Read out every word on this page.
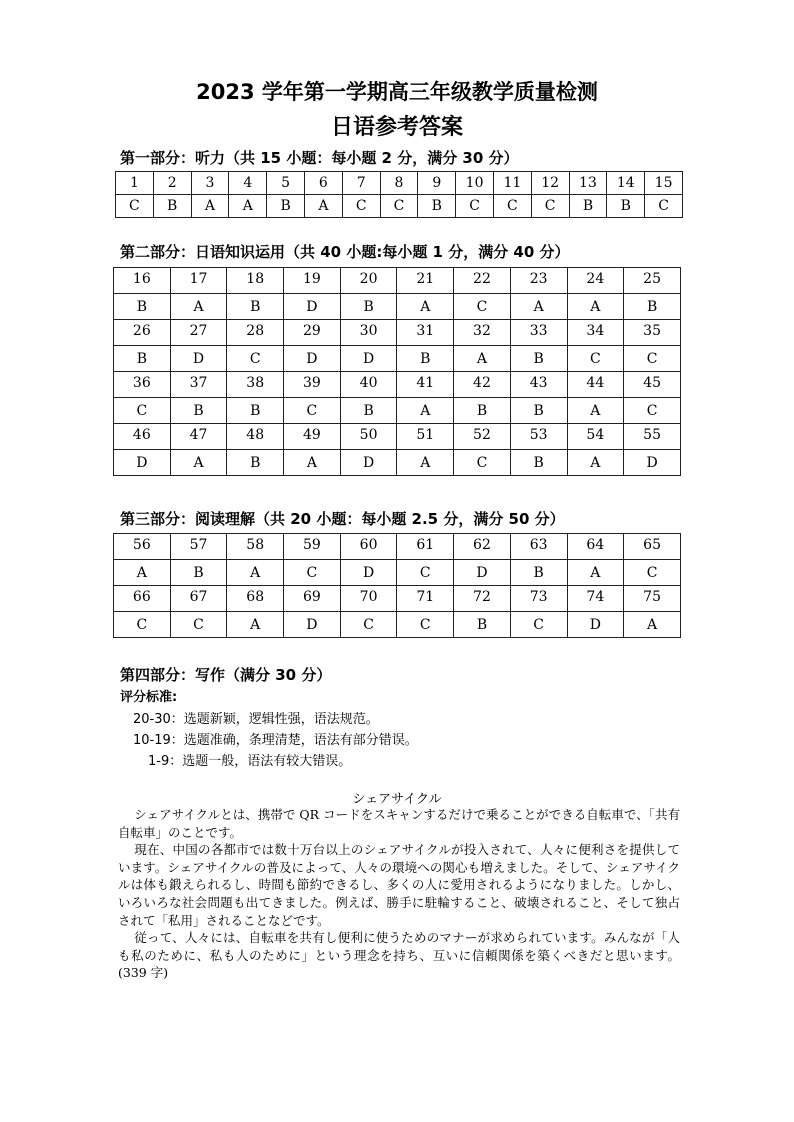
2023 学年第一学期高三年级教学质量检测
日语参考答案
第一部分：听力（共 15 小题：每小题 2 分，满分 30 分）
1	2	3	4	5	6	7	8	9	10	11	12	13	14	15
C	B	A	A	B	A	C	C	B	C	C	C	B	B	C
第二部分：日语知识运用（共 40 小题:每小题 1 分，满分 40 分）
16	17	18	19	20	21	22	23	24	25
B	A	B	D	B	A	C	A	A	B
26	27	28	29	30	31	32	33	34	35
B	D	C	D	D	B	A	B	C	C
36	37	38	39	40	41	42	43	44	45
C	B	B	C	B	A	B	B	A	C
46	47	48	49	50	51	52	53	54	55
D	A	B	A	D	A	C	B	A	D
第三部分：阅读理解（共 20 小题：每小题 2.5 分，满分 50 分）
56	57	58	59	60	61	62	63	64	65
A	B	A	C	D	C	D	B	A	C
66	67	68	69	70	71	72	73	74	75
C	C	A	D	C	C	B	C	D	A
第四部分：写作（满分 30 分）
评分标准:
20-30：选题新颖，逻辑性强，语法规范。
10-19：选题准确，条理清楚，语法有部分错误。
1-9：选题一般，语法有较大错误。
シェアサイクル

シェアサイクルとは、携帯で QR コードをスキャンするだけで乗ることができる自転車で、「共有自転車」のことです。

現在、中国の各都市では数十万台以上のシェアサイクルが投入されて、人々に便利さを提供しています。シェアサイクルの普及によって、人々の環境への関心も増えました。そして、シェアサイクルは体も鍛えられるし、時間も節約できるし、多くの人に愛用されるようになりました。しかし、いろいろな社会問題も出てきました。例えば、勝手に駐輪すること、破壊されること、そして独占されて「私用」されることなどです。

従って、人々には、自転車を共有し便利に使うためのマナーが求められています。みんなが「人も私のために、私も人のために」という理念を持ち、互いに信頼関係を築くべきだと思います。(339 字)
